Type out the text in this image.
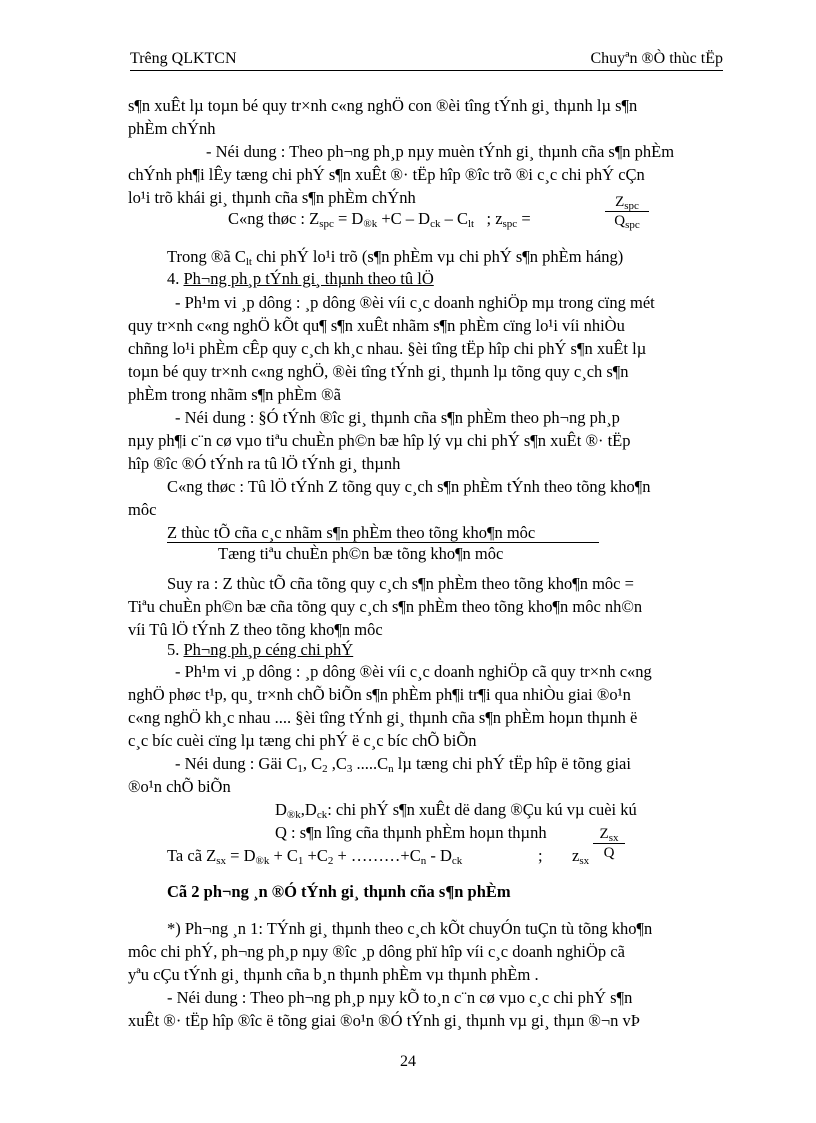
Trêng QLKTCN	Chuyªn ®Ò thùc tËp
s¶n xuÊt lµ toµn bé quy tr×nh c«ng nghÖ con ®èi tîng tÝnh gi¸ thµnh lµ s¶n
phÈm chÝnh
- Néi dung : Theo ph¬ng ph¸p nµy muèn tÝnh gi¸ thµnh cña s¶n phÈm
chÝnh ph¶i lÊy tæng chi phÝ s¶n xuÊt ®· tËp hîp ®îc trõ ®i c¸c chi phÝ cÇn
lo¹i trõ khái gi¸ thµnh cña s¶n phÈm chÝnh
C«ng thøc : $Z_{spc} = D_{®k} +C - D_{ck} - C_{lt}$ ; $z_{spc}$ =
$Z_{spc}$
$Q_{spc}$
Trong ®ã $C_{lt}$ chi phÝ lo¹i trõ (s¶n phÈm vµ chi phÝ s¶n phÈm háng)
4. Ph¬ng ph¸p tÝnh gi¸ thµnh theo tû lÖ
- Ph¹m vi ¸p dông : ¸p dông ®èi víi c¸c doanh nghiÖp mµ trong cïng mét
quy tr×nh c«ng nghÖ kÕt qu¶ s¶n xuÊt nhãm s¶n phÈm cïng lo¹i víi nhiÒu
chñng lo¹i phÈm cÊp quy c¸ch kh¸c nhau. §èi tîng tËp hîp chi phÝ s¶n xuÊt lµ
toµn bé quy tr×nh c«ng nghÖ, ®èi tîng tÝnh gi¸ thµnh lµ tõng quy c¸ch s¶n
phÈm trong nhãm s¶n phÈm ®ã
- Néi dung : §Ó tÝnh ®îc gi¸ thµnh cña s¶n phÈm theo ph¬ng ph¸p
nµy ph¶i c¨n cø vµo tiªu chuÈn ph©n bæ hîp lý vµ chi phÝ s¶n xuÊt ®· tËp
hîp ®îc ®Ó tÝnh ra tû lÖ tÝnh gi¸ thµnh
C«ng thøc : Tû lÖ tÝnh Z tõng quy c¸ch s¶n phÈm tÝnh theo tõng kho¶n
môc
Z thùc tÕ cña c¸c nhãm s¶n phÈm theo tõng kho¶n môc
Tæng tiªu chuÈn ph©n bæ tõng kho¶n môc
Suy ra : Z thùc tÕ cña tõng quy c¸ch s¶n phÈm theo tõng kho¶n môc =
Tiªu chuÈn ph©n bæ cña tõng quy c¸ch s¶n phÈm theo tõng kho¶n môc nh©n
víi Tû lÖ tÝnh Z theo tõng kho¶n môc
5. Ph¬ng ph¸p céng chi phÝ
- Ph¹m vi ¸p dông : ¸p dông ®èi víi c¸c doanh nghiÖp cã quy tr×nh c«ng
nghÖ phøc t¹p, qu¸ tr×nh chÕ biÕn s¶n phÈm ph¶i tr¶i qua nhiÒu giai ®o¹n
c«ng nghÖ kh¸c nhau .... §èi tîng tÝnh gi¸ thµnh cña s¶n phÈm hoµn thµnh ë
c¸c bíc cuèi cïng lµ tæng chi phÝ ë c¸c bíc chÕ biÕn
- Néi dung : Gäi $C_1$, $C_2$ $,C_3$ $.....C_n$ lµ tæng chi phÝ tËp hîp ë tõng giai
®o¹n chÕ biÕn
$D_{®k},D_{ck}$: chi phÝ s¶n xuÊt dë dang ®Çu kú vµ cuèi kú
Q : s¶n lîng cña thµnh phÈm hoµn thµnh
Ta cã $Z_{sx} = D_{®k} + C_1 +C_2$ + $\dots\dots\dots+C_n - D_{ck}$	; $z_{sx}$
$Z_{sx}$
Q
Cã 2 ph¬ng ¸n ®Ó tÝnh gi¸ thµnh cña s¶n phÈm
*) Ph¬ng ¸n 1: TÝnh gi¸ thµnh theo c¸ch kÕt chuyÓn tuÇn tù tõng kho¶n
môc chi phÝ, ph¬ng ph¸p nµy ®îc ¸p dông phï hîp víi c¸c doanh nghiÖp cã
yªu cÇu tÝnh gi¸ thµnh cña b¸n thµnh phÈm vµ thµnh phÈm .
- Néi dung : Theo ph¬ng ph¸p nµy kÕ to¸n c¨n cø vµo c¸c chi phÝ s¶n
xuÊt ®· tËp hîp ®îc ë tõng giai ®o¹n ®Ó tÝnh gi¸ thµnh vµ gi¸ thµn ®¬n vÞ
24
